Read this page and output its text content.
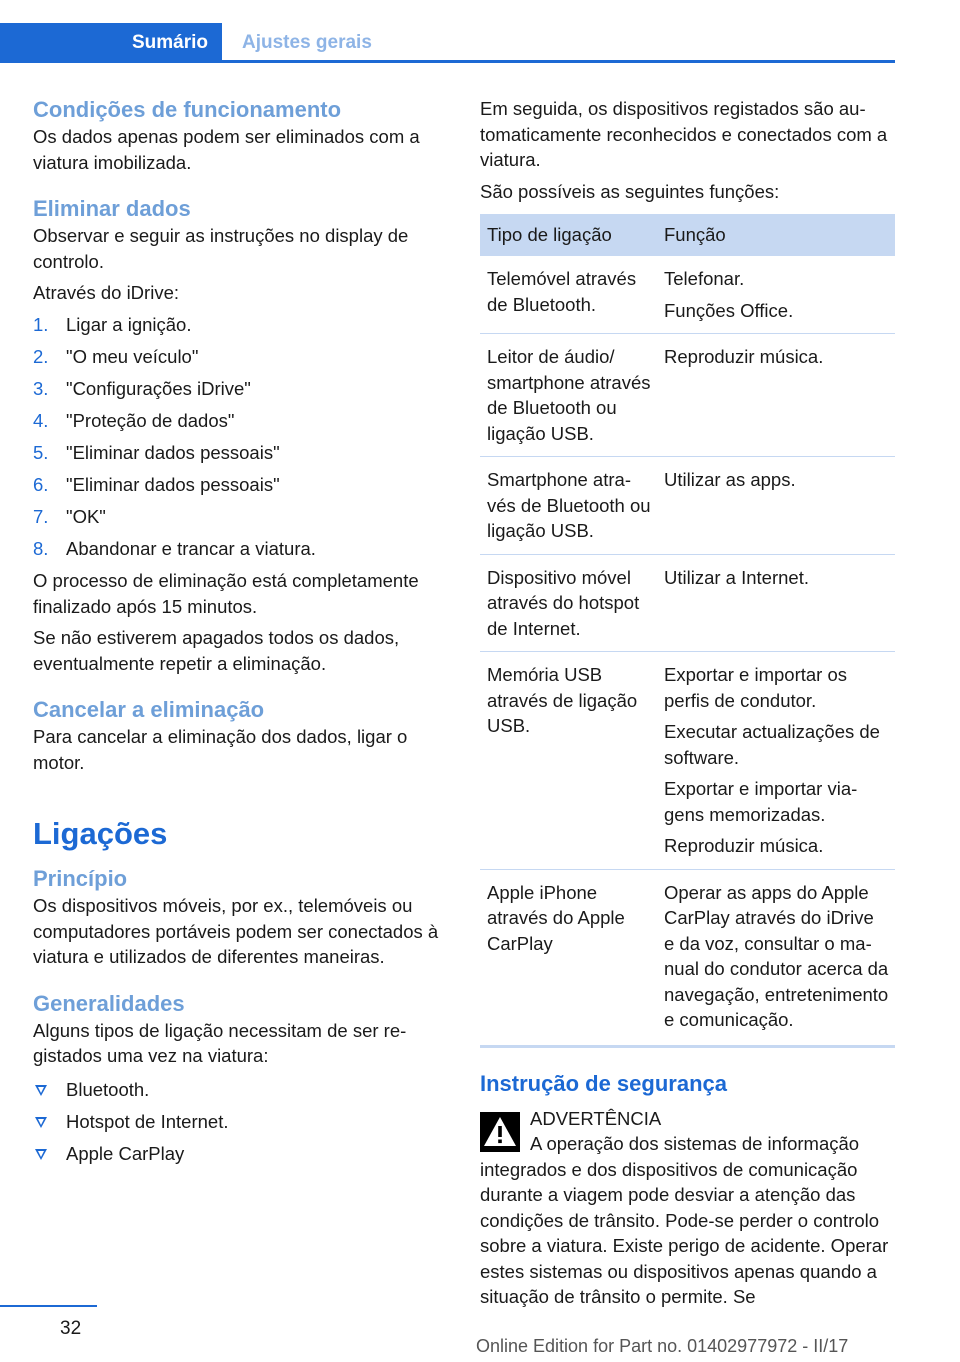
Sumário	Ajustes gerais
Condições de funcionamento

Os dados apenas podem ser eliminados com a viatura imobilizada.

Eliminar dados

Observar e seguir as instruções no display de controlo.

Através do iDrive:

1. Ligar a ignição.
2. "O meu veículo"
3. "Configurações iDrive"
4. "Proteção de dados"
5. "Eliminar dados pessoais"
6. "Eliminar dados pessoais"
7. "OK"
8. Abandonar e trancar a viatura.

O processo de eliminação está completamente finalizado após 15 minutos.

Se não estiverem apagados todos os dados, eventualmente repetir a eliminação.

Cancelar a eliminação

Para cancelar a eliminação dos dados, ligar o motor.

Ligações
Princípio

Os dispositivos móveis, por ex., telemóveis ou computadores portáveis podem ser conectados à viatura e utilizados de diferentes maneiras.

Generalidades

Alguns tipos de ligação necessitam de ser registados uma vez na viatura:

Bluetooth.
Hotspot de Internet.
Apple CarPlay

Em seguida, os dispositivos registados são automaticamente reconhecidos e conectados com a viatura.

São possíveis as seguintes funções:

Tipo de ligação	Função
Telemóvel através de Bluetooth.	Telefonar.

Funções Office.

Leitor de áudio/ smartphone através de Bluetooth ou ligação USB.	Reproduzir música.

Smartphone através de Bluetooth ou ligação USB.	Utilizar as apps.

Dispositivo móvel através do hotspot de Internet.	Utilizar a Internet.

Memória USB através de ligação USB.	Exportar e importar os perfis de condutor.

Executar actualizações de software.

Exportar e importar viagens memorizadas.

Reproduzir música.

Apple iPhone através do Apple CarPlay	Operar as apps do Apple CarPlay através do iDrive e da voz, consultar o manual do condutor acerca da navegação, entretenimento e comunicação.

Instrução de segurança

ADVERTÊNCIA

A operação dos sistemas de informação
integrados e dos dispositivos de comunicação durante a viagem pode desviar a atenção das condições de trânsito. Pode-se perder o controlo sobre a viatura. Existe perigo de acidente. Operar estes sistemas ou dispositivos apenas quando a situação de trânsito o permite. Se

32
Online Edition for Part no. 01402977972 - II/17
